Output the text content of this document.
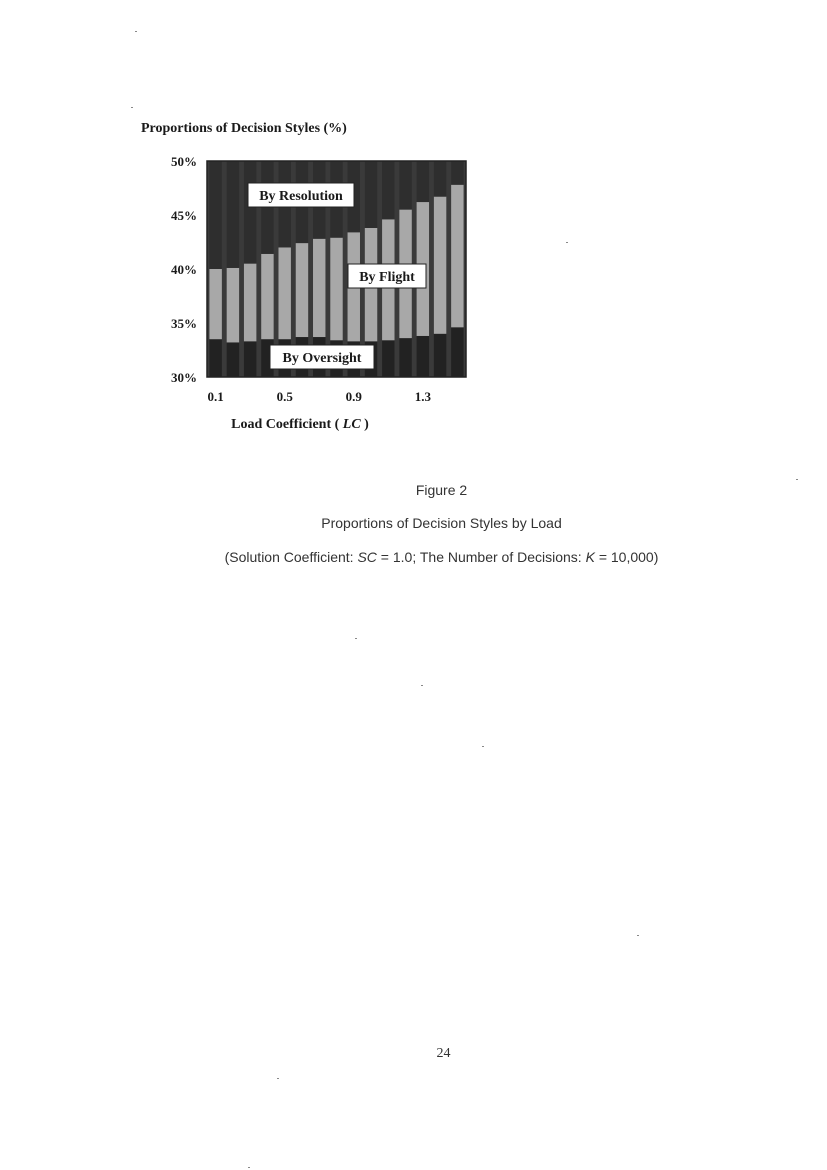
Proportions of Decision Styles (%)
50%
45%
40%
35%
30%
0.1	0.5	0.9	1.3
By Resolution
By Flight
By Oversight
Load Coefficient ( LC )
Figure 2
Proportions of Decision Styles by Load
(Solution Coefficient: SC = 1.0; The Number of Decisions: K = 10,000)
24
